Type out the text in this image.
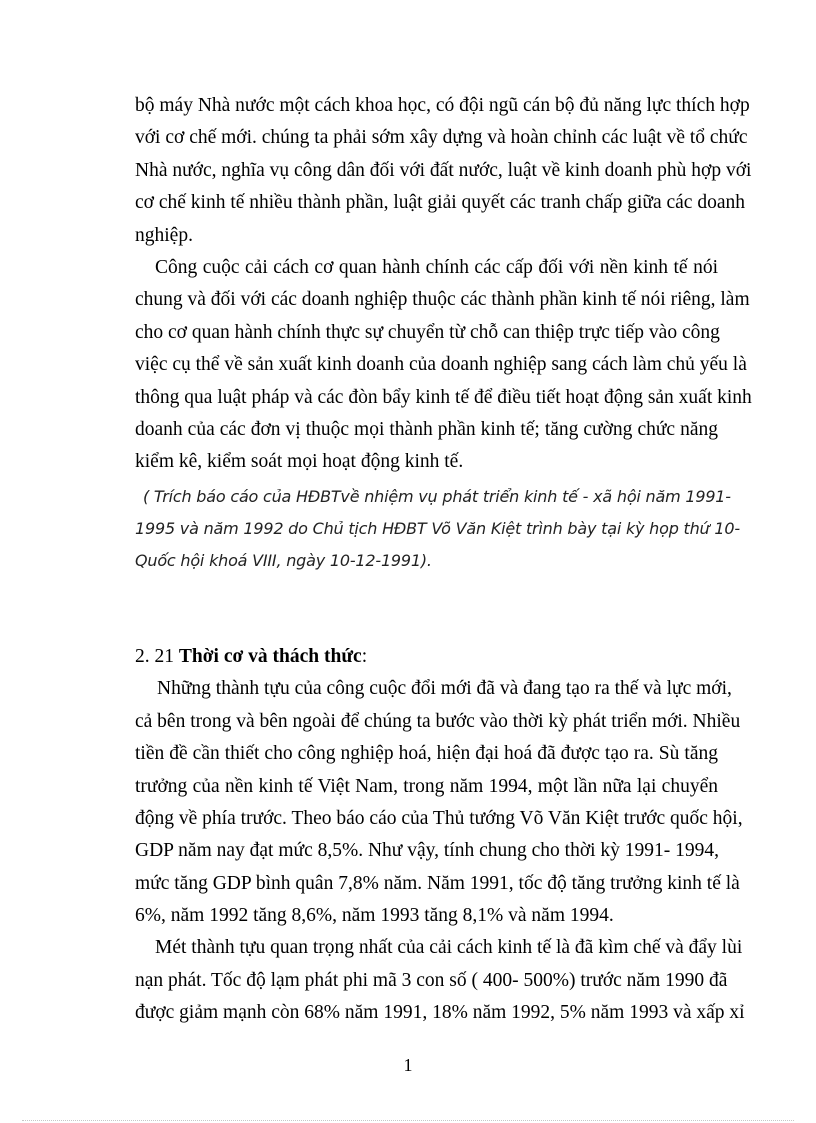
bộ máy Nhà nước một cách khoa học, có đội ngũ cán bộ đủ năng lực thích hợp
với cơ chế mới. chúng ta phải sớm xây dựng và hoàn chỉnh các luật về tổ chức
Nhà nước, nghĩa vụ công dân đối với đất nước, luật về kinh doanh phù hợp với
cơ chế kinh tế nhiều thành phần, luật giải quyết các tranh chấp giữa các doanh
nghiệp.
Công cuộc cải cách cơ quan hành chính các cấp đối với nền kinh tế nói
chung và đối với các doanh nghiệp thuộc các thành phần kinh tế nói riêng, làm
cho cơ quan hành chính thực sự chuyển từ chỗ can thiệp trực tiếp vào công
việc cụ thể về sản xuất kinh doanh của doanh nghiệp sang cách làm chủ yếu là
thông qua luật pháp và các đòn bẩy kinh tế để điều tiết hoạt động sản xuất kinh
doanh của các đơn vị thuộc mọi thành phần kinh tế; tăng cường chức năng
kiểm kê, kiểm soát mọi hoạt động kinh tế.
( Trích báo cáo của HĐBTvề nhiệm vụ phát triển kinh tế - xã hội năm 1991-
1995 và năm 1992 do Chủ tịch HĐBT Võ Văn Kiệt trình bày tại kỳ họp thứ 10-
Quốc hội khoá VIII, ngày 10-12-1991).
2. 21 Thời cơ và thách thức:
Những thành tựu của công cuộc đổi mới đã và đang tạo ra thế và lực mới,
cả bên trong và bên ngoài để chúng ta bước vào thời kỳ phát triển mới. Nhiều
tiền đề cần thiết cho công nghiệp hoá, hiện đại hoá đã được tạo ra. Sù tăng
trưởng của nền kinh tế Việt Nam, trong năm 1994, một lần nữa lại chuyển
động về phía trước. Theo báo cáo của Thủ tướng Võ Văn Kiệt trước quốc hội,
GDP năm nay đạt mức 8,5%. Như vậy, tính chung cho thời kỳ 1991- 1994,
mức tăng GDP bình quân 7,8% năm. Năm 1991, tốc độ tăng trưởng kinh tế là
6%, năm 1992 tăng 8,6%, năm 1993 tăng 8,1% và năm 1994.
Mét thành tựu quan trọng nhất của cải cách kinh tế là đã kìm chế và đẩy lùi
nạn phát. Tốc độ lạm phát phi mã 3 con số ( 400- 500%) trước năm 1990 đã
được giảm mạnh còn 68% năm 1991, 18% năm 1992, 5% năm 1993 và xấp xỉ
1
